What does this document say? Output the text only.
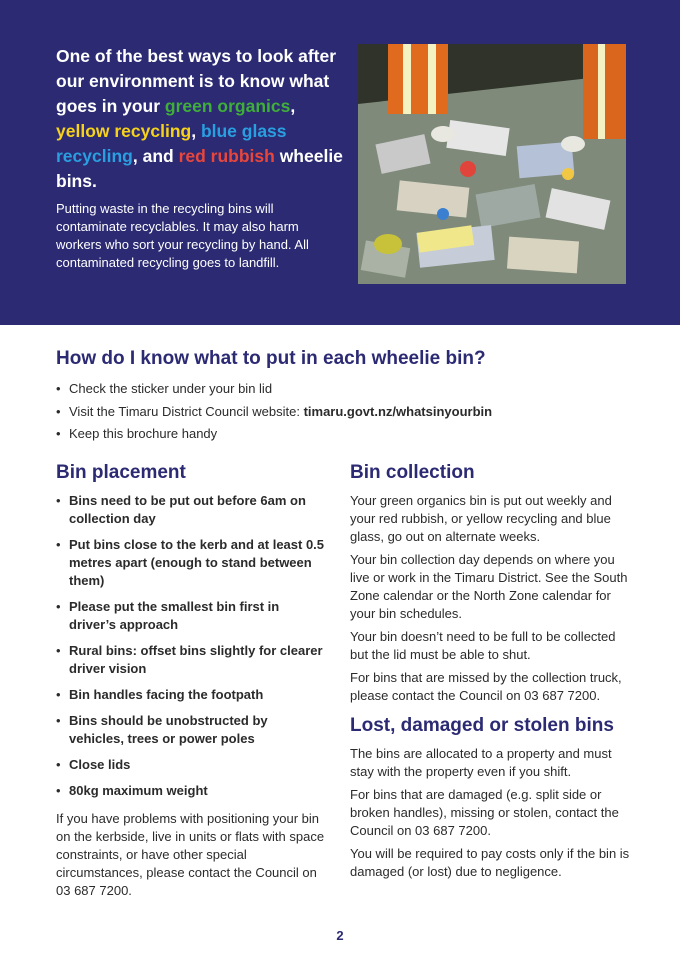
One of the best ways to look after our environment is to know what goes in your green organics, yellow recycling, blue glass recycling, and red rubbish wheelie bins.

Putting waste in the recycling bins will contaminate recyclables. It may also harm workers who sort your recycling by hand. All contaminated recycling goes to landfill.

How do I know what to put in each wheelie bin?
• Check the sticker under your bin lid
• Visit the Timaru District Council website: timaru.govt.nz/whatsinyourbin
• Keep this brochure handy
Bin placement
• Bins need to be put out before 6am on collection day
• Put bins close to the kerb and at least 0.5 metres apart (enough to stand between them)
• Please put the smallest bin first in driver’s approach
• Rural bins: offset bins slightly for clearer driver vision
• Bin handles facing the footpath
• Bins should be unobstructed by vehicles, trees or power poles
• Close lids
• 80kg maximum weight

If you have problems with positioning your bin on the kerbside, live in units or flats with space constraints, or have other special circumstances, please contact the Council on 03 687 7200.

Bin collection

Your green organics bin is put out weekly and your red rubbish, or yellow recycling and blue glass, go out on alternate weeks.

Your bin collection day depends on where you live or work in the Timaru District. See the South Zone calendar or the North Zone calendar for your bin schedules.

Your bin doesn’t need to be full to be collected but the lid must be able to shut.

For bins that are missed by the collection truck, please contact the Council on 03 687 7200.

Lost, damaged or stolen bins

The bins are allocated to a property and must stay with the property even if you shift.

For bins that are damaged (e.g. split side or broken handles), missing or stolen, contact the Council on 03 687 7200.

You will be required to pay costs only if the bin is damaged (or lost) due to negligence.

2
